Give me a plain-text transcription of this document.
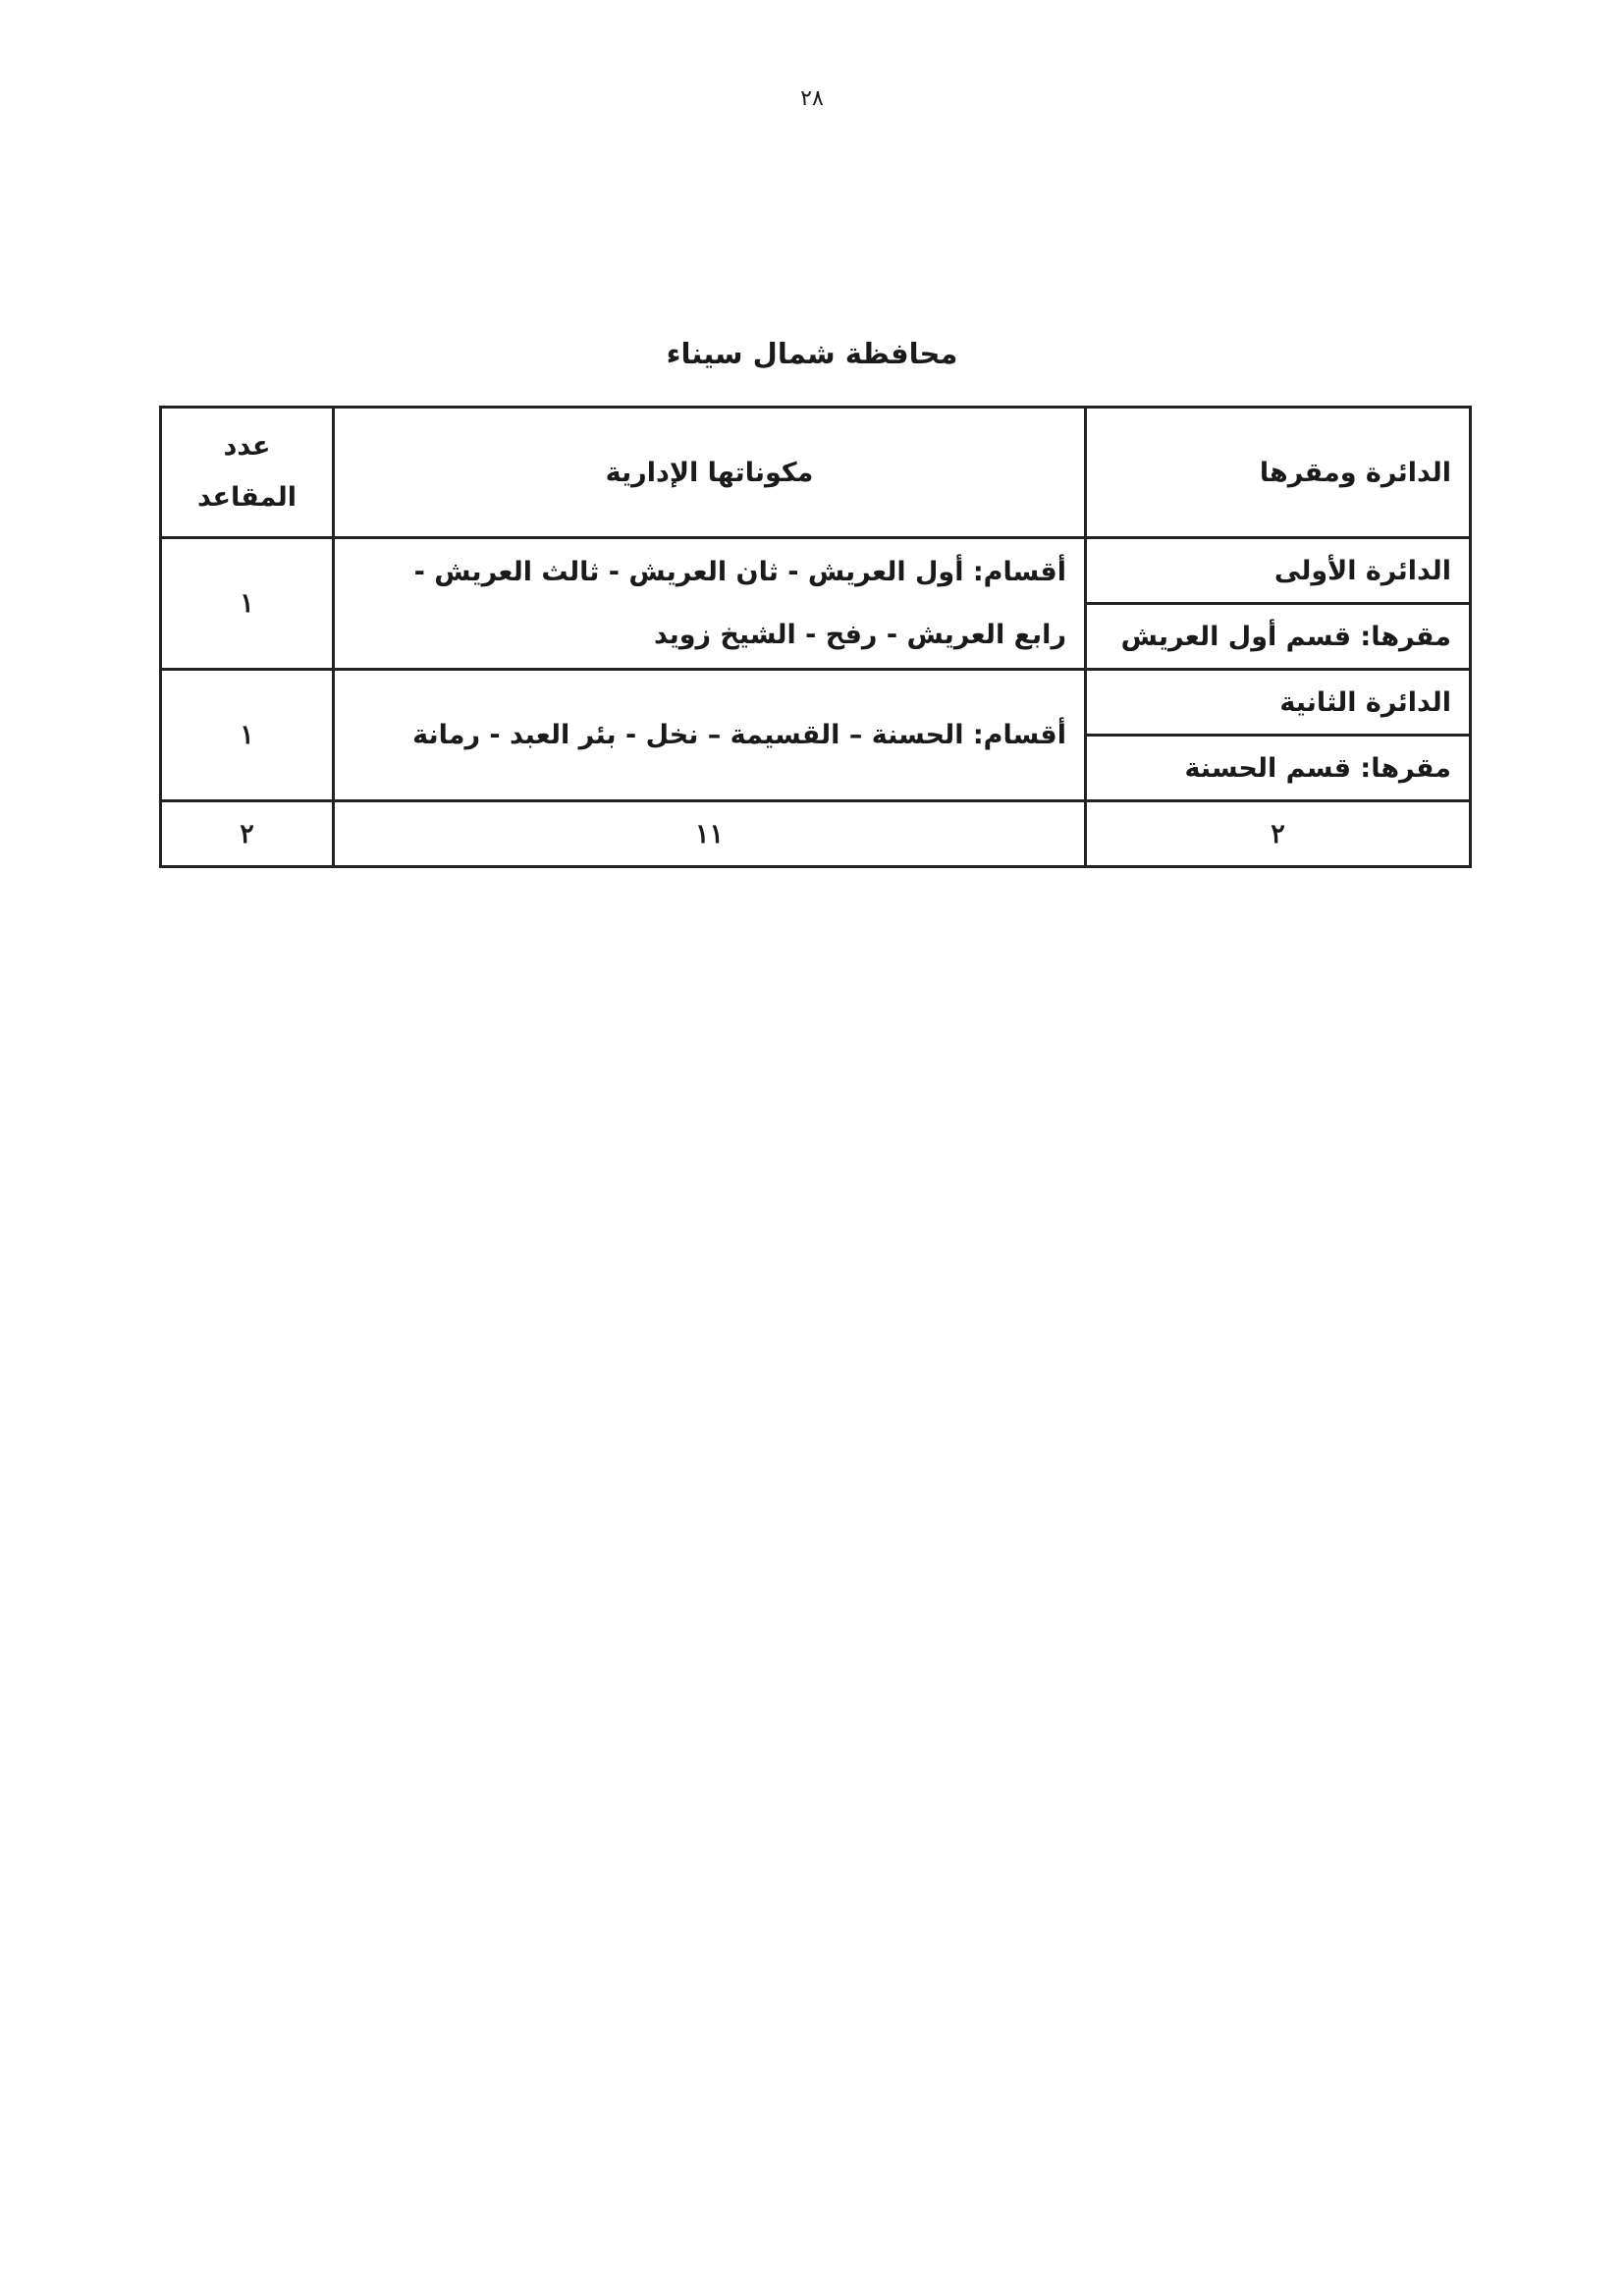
٢٨
محافظة شمال سيناء
الدائرة ومقرها	مكوناتها الإدارية	عدد المقاعد
الدائرة الأولى	أقسام: أول العريش - ثان العريش - ثالث العريش - رابع العريش - رفح - الشيخ زويد	١
مقرها: قسم أول العريش		
الدائرة الثانية	أقسام: الحسنة – القسيمة – نخل - بئر العبد - رمانة	١
مقرها: قسم الحسنة		
٢	١١	٢
